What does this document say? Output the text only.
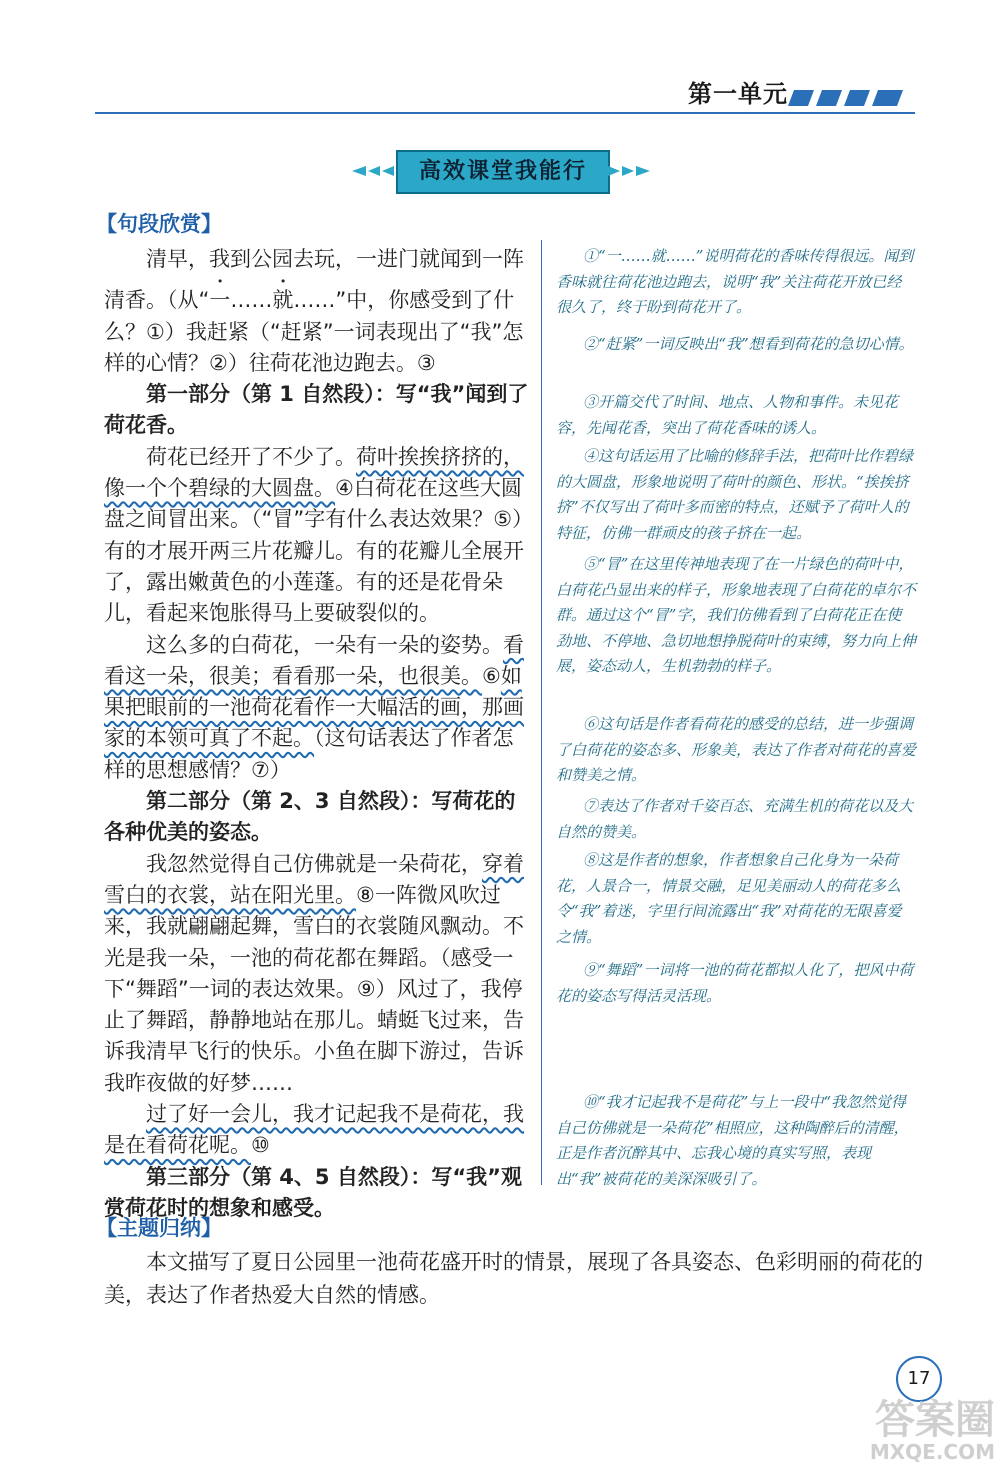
第一单元
高效课堂我能行
【句段欣赏】

清早，我到公园去玩，一进门就闻到一阵清香。（从“一……就……”中，你感受到了什么？①）我赶紧（“赶紧”一词表现出了“我”怎样的心情？②）往荷花池边跑去。③

第一部分（第 1 自然段）：写“我”闻到了荷花香。

荷花已经开了不少了。荷叶挨挨挤挤的，像一个个碧绿的大圆盘。④白荷花在这些大圆盘之间冒出来。（“冒”字有什么表达效果？⑤）有的才展开两三片花瓣儿。有的花瓣儿全展开了，露出嫩黄色的小莲蓬。有的还是花骨朵儿，看起来饱胀得马上要破裂似的。

这么多的白荷花，一朵有一朵的姿势。看看这一朵，很美；看看那一朵，也很美。⑥如果把眼前的一池荷花看作一大幅活的画，那画家的本领可真了不起。（这句话表达了作者怎样的思想感情？⑦）

第二部分（第 2、3 自然段）：写荷花的各种优美的姿态。

我忽然觉得自己仿佛就是一朵荷花，穿着雪白的衣裳，站在阳光里。⑧一阵微风吹过来，我就翩翩起舞，雪白的衣裳随风飘动。不光是我一朵，一池的荷花都在舞蹈。（感受一下“舞蹈”一词的表达效果。⑨）风过了，我停止了舞蹈，静静地站在那儿。蜻蜓飞过来，告诉我清早飞行的快乐。小鱼在脚下游过，告诉我昨夜做的好梦……

过了好一会儿，我才记起我不是荷花，我是在看荷花呢。⑩

第三部分（第 4、5 自然段）：写“我”观赏荷花时的想象和感受。

①“一……就……”说明荷花的香味传得很远。闻到香味就往荷花池边跑去，说明“我”关注荷花开放已经很久了，终于盼到荷花开了。
②“赶紧”一词反映出“我”想看到荷花的急切心情。
③开篇交代了时间、地点、人物和事件。未见花容，先闻花香，突出了荷花香味的诱人。
④这句话运用了比喻的修辞手法，把荷叶比作碧绿的大圆盘，形象地说明了荷叶的颜色、形状。“挨挨挤挤”不仅写出了荷叶多而密的特点，还赋予了荷叶人的特征，仿佛一群顽皮的孩子挤在一起。
⑤“冒”在这里传神地表现了在一片绿色的荷叶中，白荷花凸显出来的样子，形象地表现了白荷花的卓尔不群。通过这个“冒”字，我们仿佛看到了白荷花正在使劲地、不停地、急切地想挣脱荷叶的束缚，努力向上伸展，姿态动人，生机勃勃的样子。
⑥这句话是作者看荷花的感受的总结，进一步强调了白荷花的姿态多、形象美，表达了作者对荷花的喜爱和赞美之情。
⑦表达了作者对千姿百态、充满生机的荷花以及大自然的赞美。
⑧这是作者的想象，作者想象自己化身为一朵荷花，人景合一，情景交融，足见美丽动人的荷花多么令“我”着迷，字里行间流露出“我”对荷花的无限喜爱之情。
⑨“舞蹈”一词将一池的荷花都拟人化了，把风中荷花的姿态写得活灵活现。
⑩“我才记起我不是荷花”与上一段中“我忽然觉得自己仿佛就是一朵荷花”相照应，这种陶醉后的清醒，正是作者沉醉其中、忘我心境的真实写照，表现出“我”被荷花的美深深吸引了。
【主题归纳】
本文描写了夏日公园里一池荷花盛开时的情景，展现了各具姿态、色彩明丽的荷花的美，表达了作者热爱大自然的情感。
17
答案圈
MXQE.COM
